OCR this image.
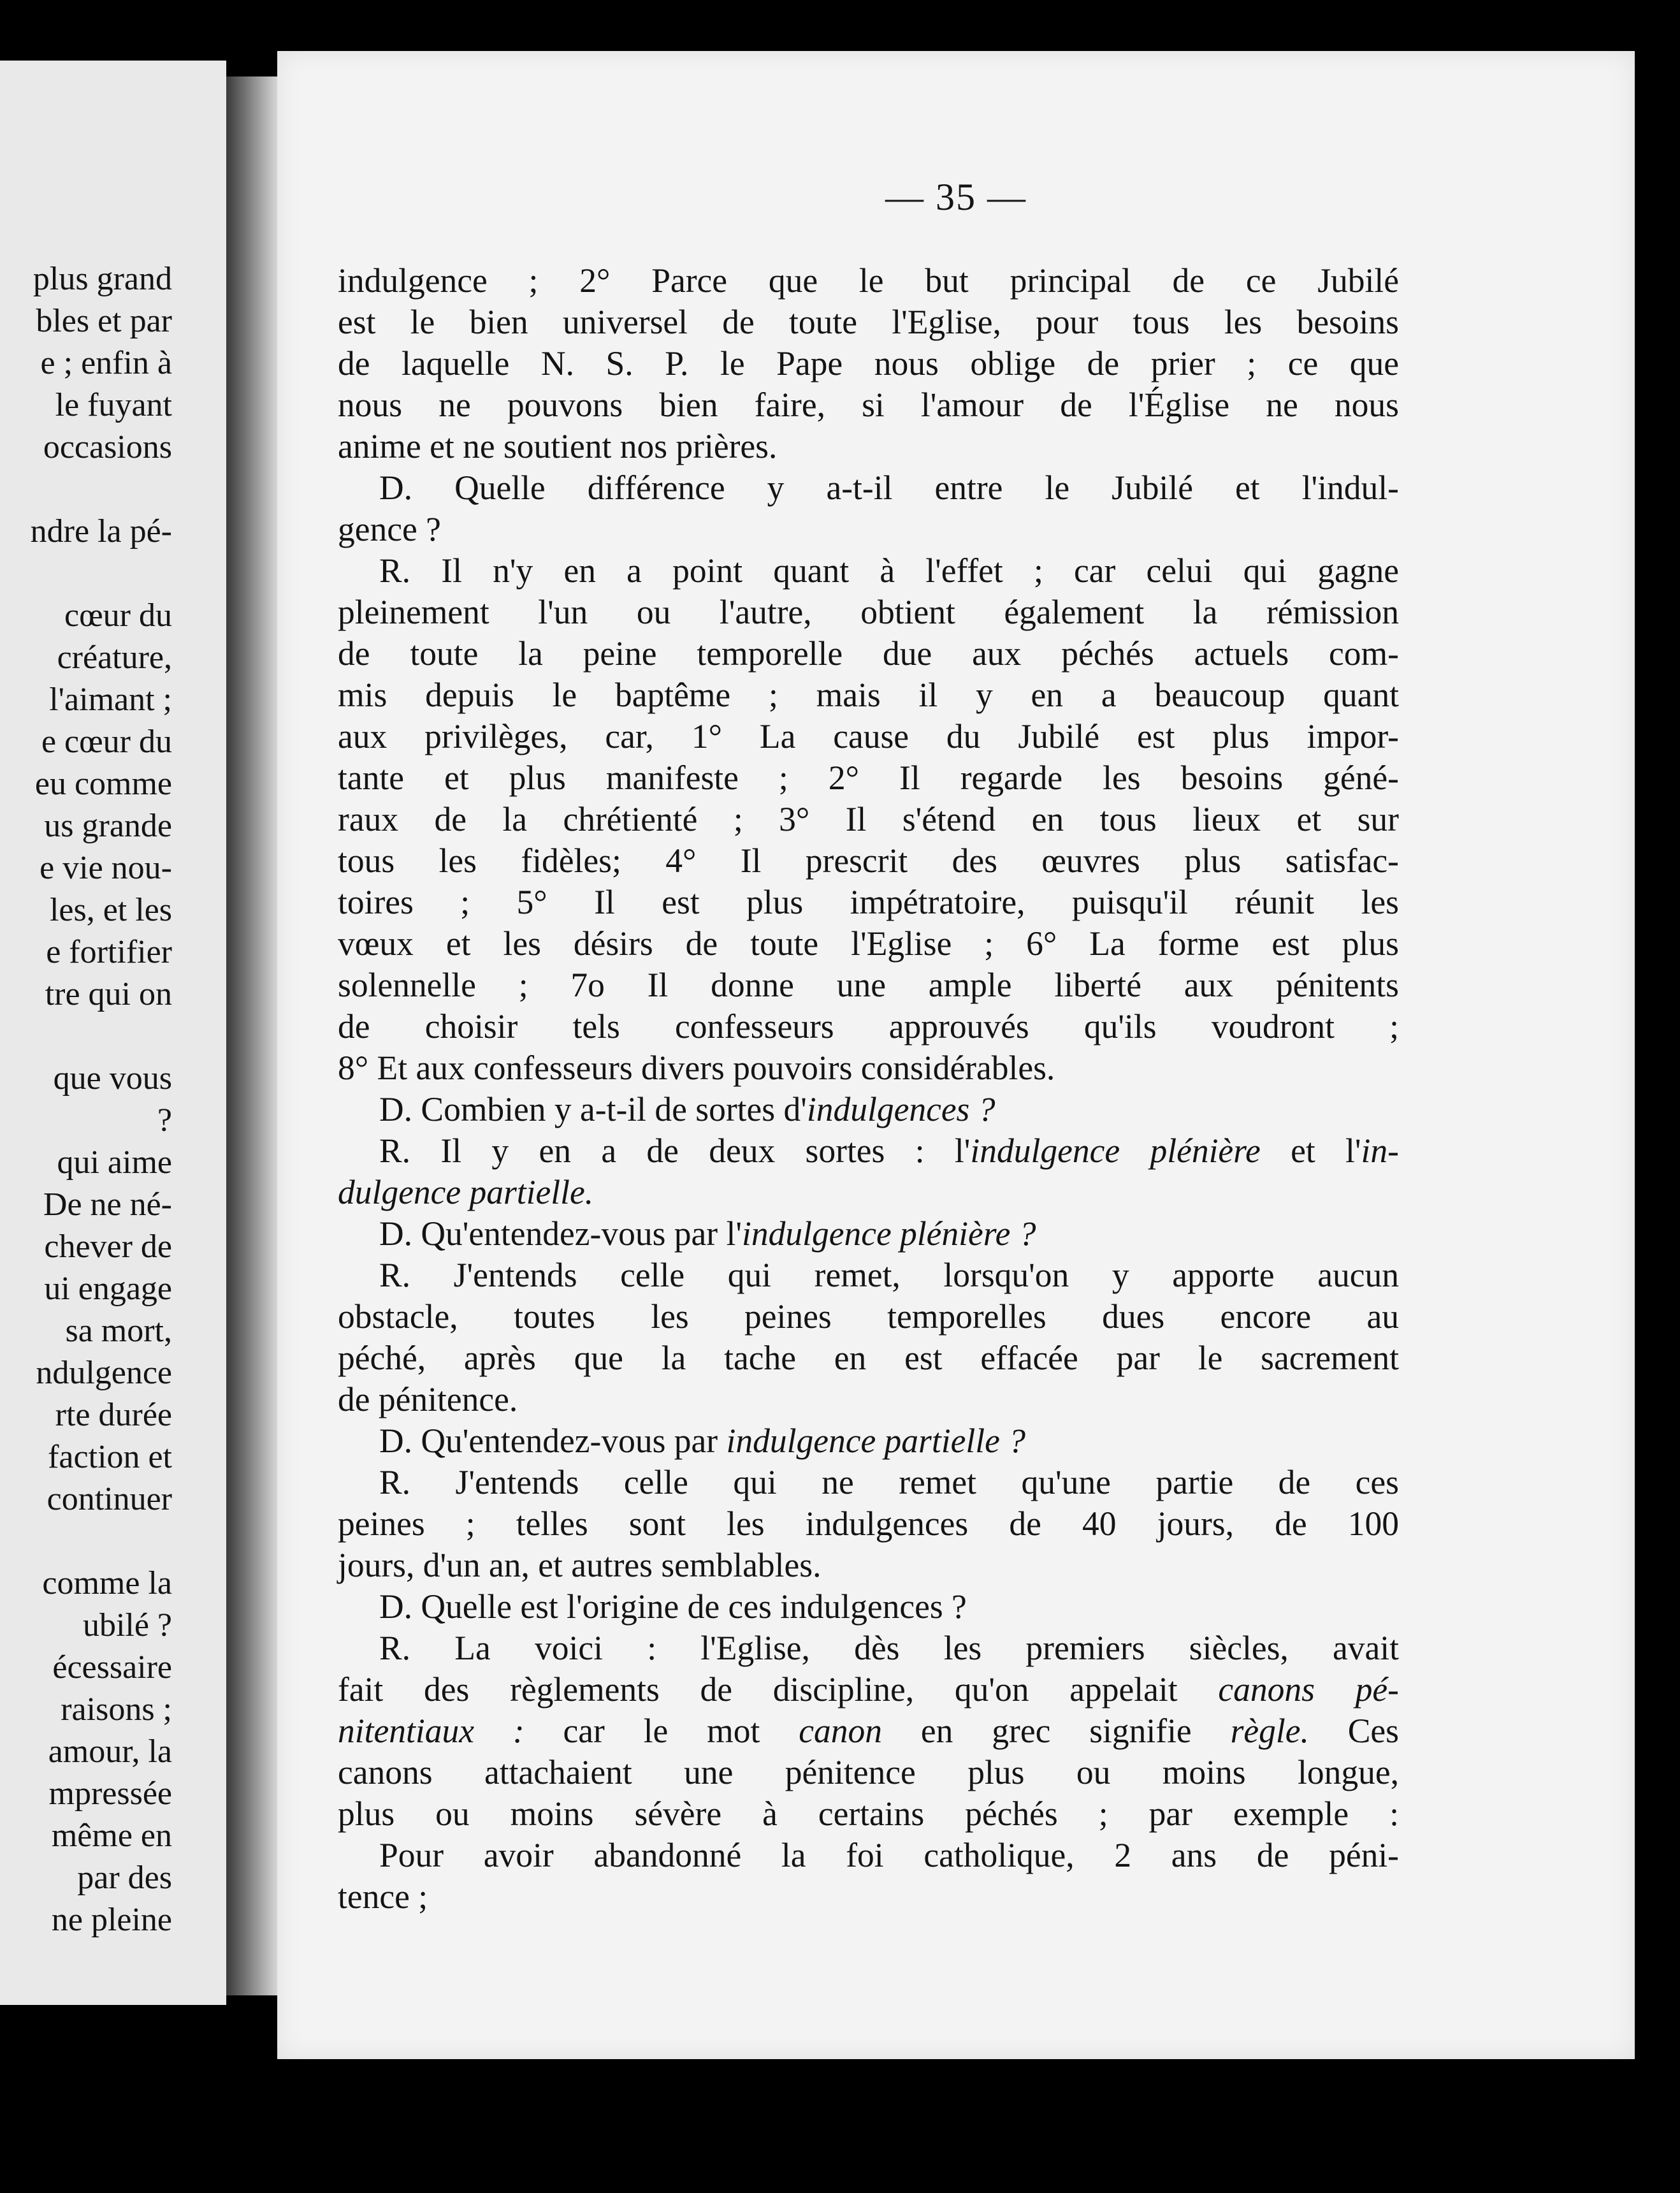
plus grand
bles et par
e ; enfin à
le fuyant
occasions
ndre la pé-
cœur du
créature,
l'aimant ;
e cœur du
eu comme
us grande
e vie nou-
les, et les
e fortifier
tre qui on
que vous
?
qui aime
De ne né-
chever de
ui engage
sa mort,
ndulgence
rte durée
faction et
continuer
comme la
ubilé ?
écessaire
raisons ;
amour, la
mpressée
même en
par des
ne pleine
— 35 —
indulgence ; 2° Parce que le but principal de ce Jubilé
est le bien universel de toute l'Eglise, pour tous les besoins
de laquelle N. S. P. le Pape nous oblige de prier ; ce que
nous ne pouvons bien faire, si l'amour de l'Église ne nous
anime et ne soutient nos prières.
D. Quelle différence y a-t-il entre le Jubilé et l'indul-
gence ?
R. Il n'y en a point quant à l'effet ; car celui qui gagne
pleinement l'un ou l'autre, obtient également la rémission
de toute la peine temporelle due aux péchés actuels com-
mis depuis le baptême ; mais il y en a beaucoup quant
aux privilèges, car, 1° La cause du Jubilé est plus impor-
tante et plus manifeste ; 2° Il regarde les besoins géné-
raux de la chrétienté ; 3° Il s'étend en tous lieux et sur
tous les fidèles; 4° Il prescrit des œuvres plus satisfac-
toires ; 5° Il est plus impétratoire, puisqu'il réunit les
vœux et les désirs de toute l'Eglise ; 6° La forme est plus
solennelle ; 7o Il donne une ample liberté aux pénitents
de choisir tels confesseurs approuvés qu'ils voudront ;
8° Et aux confesseurs divers pouvoirs considérables.
D. Combien y a-t-il de sortes d'indulgences ?
R. Il y en a de deux sortes : l'indulgence plénière et l'in-
dulgence partielle.
D. Qu'entendez-vous par l'indulgence plénière ?
R. J'entends celle qui remet, lorsqu'on y apporte aucun
obstacle, toutes les peines temporelles dues encore au
péché, après que la tache en est effacée par le sacrement
de pénitence.
D. Qu'entendez-vous par indulgence partielle ?
R. J'entends celle qui ne remet qu'une partie de ces
peines ; telles sont les indulgences de 40 jours, de 100
jours, d'un an, et autres semblables.
D. Quelle est l'origine de ces indulgences ?
R. La voici : l'Eglise, dès les premiers siècles, avait
fait des règlements de discipline, qu'on appelait canons pé-
nitentiaux : car le mot canon en grec signifie règle. Ces
canons attachaient une pénitence plus ou moins longue,
plus ou moins sévère à certains péchés ; par exemple :
Pour avoir abandonné la foi catholique, 2 ans de péni-
tence ;
